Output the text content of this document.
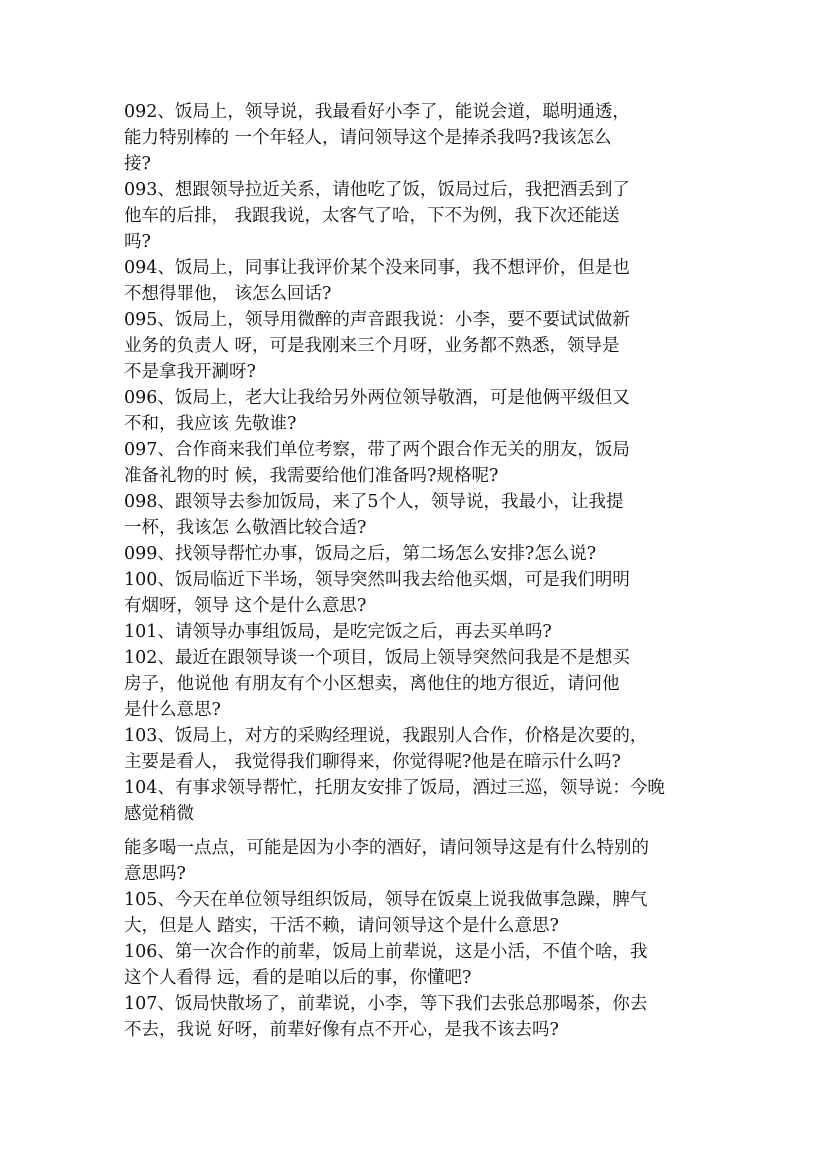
092、饭局上，领导说，我最看好小李了，能说会道，聪明通透，
能力特别棒的 一个年轻人，请问领导这个是捧杀我吗?我该怎么
接?
093、想跟领导拉近关系，请他吃了饭，饭局过后，我把酒丢到了
他车的后排， 我跟我说，太客气了哈，下不为例，我下次还能送
吗?
094、饭局上，同事让我评价某个没来同事，我不想评价，但是也
不想得罪他， 该怎么回话?
095、饭局上，领导用微醉的声音跟我说：小李，要不要试试做新
业务的负责人 呀，可是我刚来三个月呀，业务都不熟悉，领导是
不是拿我开涮呀?
096、饭局上，老大让我给另外两位领导敬酒，可是他俩平级但又
不和，我应该 先敬谁?
097、合作商来我们单位考察，带了两个跟合作无关的朋友，饭局
准备礼物的时 候，我需要给他们准备吗?规格呢?
098、跟领导去参加饭局，来了5个人，领导说，我最小，让我提
一杯，我该怎 么敬酒比较合适?
099、找领导帮忙办事，饭局之后，第二场怎么安排?怎么说?
100、饭局临近下半场，领导突然叫我去给他买烟，可是我们明明
有烟呀，领导 这个是什么意思?
101、请领导办事组饭局，是吃完饭之后，再去买单吗?
102、最近在跟领导谈一个项目，饭局上领导突然问我是不是想买
房子，他说他 有朋友有个小区想卖，离他住的地方很近，请问他
是什么意思?
103、饭局上，对方的采购经理说，我跟别人合作，价格是次要的，
主要是看人， 我觉得我们聊得来，你觉得呢?他是在暗示什么吗?
104、有事求领导帮忙，托朋友安排了饭局，酒过三巡，领导说：今晚
感觉稍微
能多喝一点点，可能是因为小李的酒好，请问领导这是有什么特别的
意思吗?
105、今天在单位领导组织饭局，领导在饭桌上说我做事急躁，脾气
大，但是人 踏实，干活不赖，请问领导这个是什么意思?
106、第一次合作的前辈，饭局上前辈说，这是小活，不值个啥，我
这个人看得 远，看的是咱以后的事，你懂吧?
107、饭局快散场了，前辈说，小李，等下我们去张总那喝茶，你去
不去，我说 好呀，前辈好像有点不开心，是我不该去吗?
